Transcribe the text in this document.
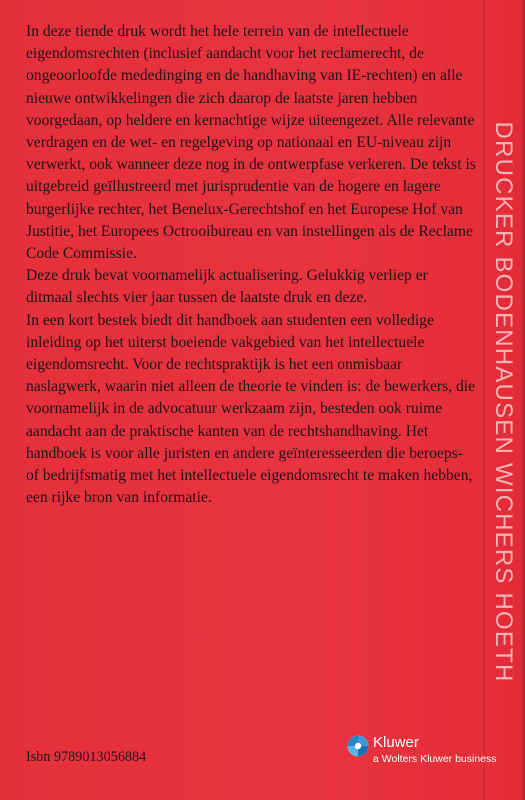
In deze tiende druk wordt het hele terrein van de intellectuele eigendomsrechten (inclusief aandacht voor het reclamerecht, de ongeoorloofde mededinging en de handhaving van IE-rechten) en alle nieuwe ontwikkelingen die zich daarop de laatste jaren hebben voorgedaan, op heldere en kernachtige wijze uiteengezet. Alle relevante verdragen en de wet- en regelgeving op nationaal en EU-niveau zijn verwerkt, ook wanneer deze nog in de ontwerpfase verkeren. De tekst is uitgebreid geïllustreerd met jurisprudentie van de hogere en lagere burgerlijke rechter, het Benelux-Gerechtshof en het Europese Hof van Justitie, het Europees Octrooibureau en van instellingen als de Reclame Code Commissie.

Deze druk bevat voornamelijk actualisering. Gelukkig verliep er ditmaal slechts vier jaar tussen de laatste druk en deze.

In een kort bestek biedt dit handboek aan studenten een volledige inleiding op het uiterst boeiende vakgebied van het intellectuele eigendomsrecht. Voor de rechtspraktijk is het een onmisbaar naslagwerk, waarin niet alleen de theorie te vinden is: de bewerkers, die voornamelijk in de advocatuur werkzaam zijn, besteden ook ruime aandacht aan de praktische kanten van de rechtshandhaving. Het handboek is voor alle juristen en andere geïnteresseerden die beroeps- of bedrijfsmatig met het intellectuele eigendomsrecht te maken hebben, een rijke bron van informatie.	DRUCKER BODENHAUSEN WICHERS HOETH
Isbn 9789013056884
Kluwer
a Wolters Kluwer business
